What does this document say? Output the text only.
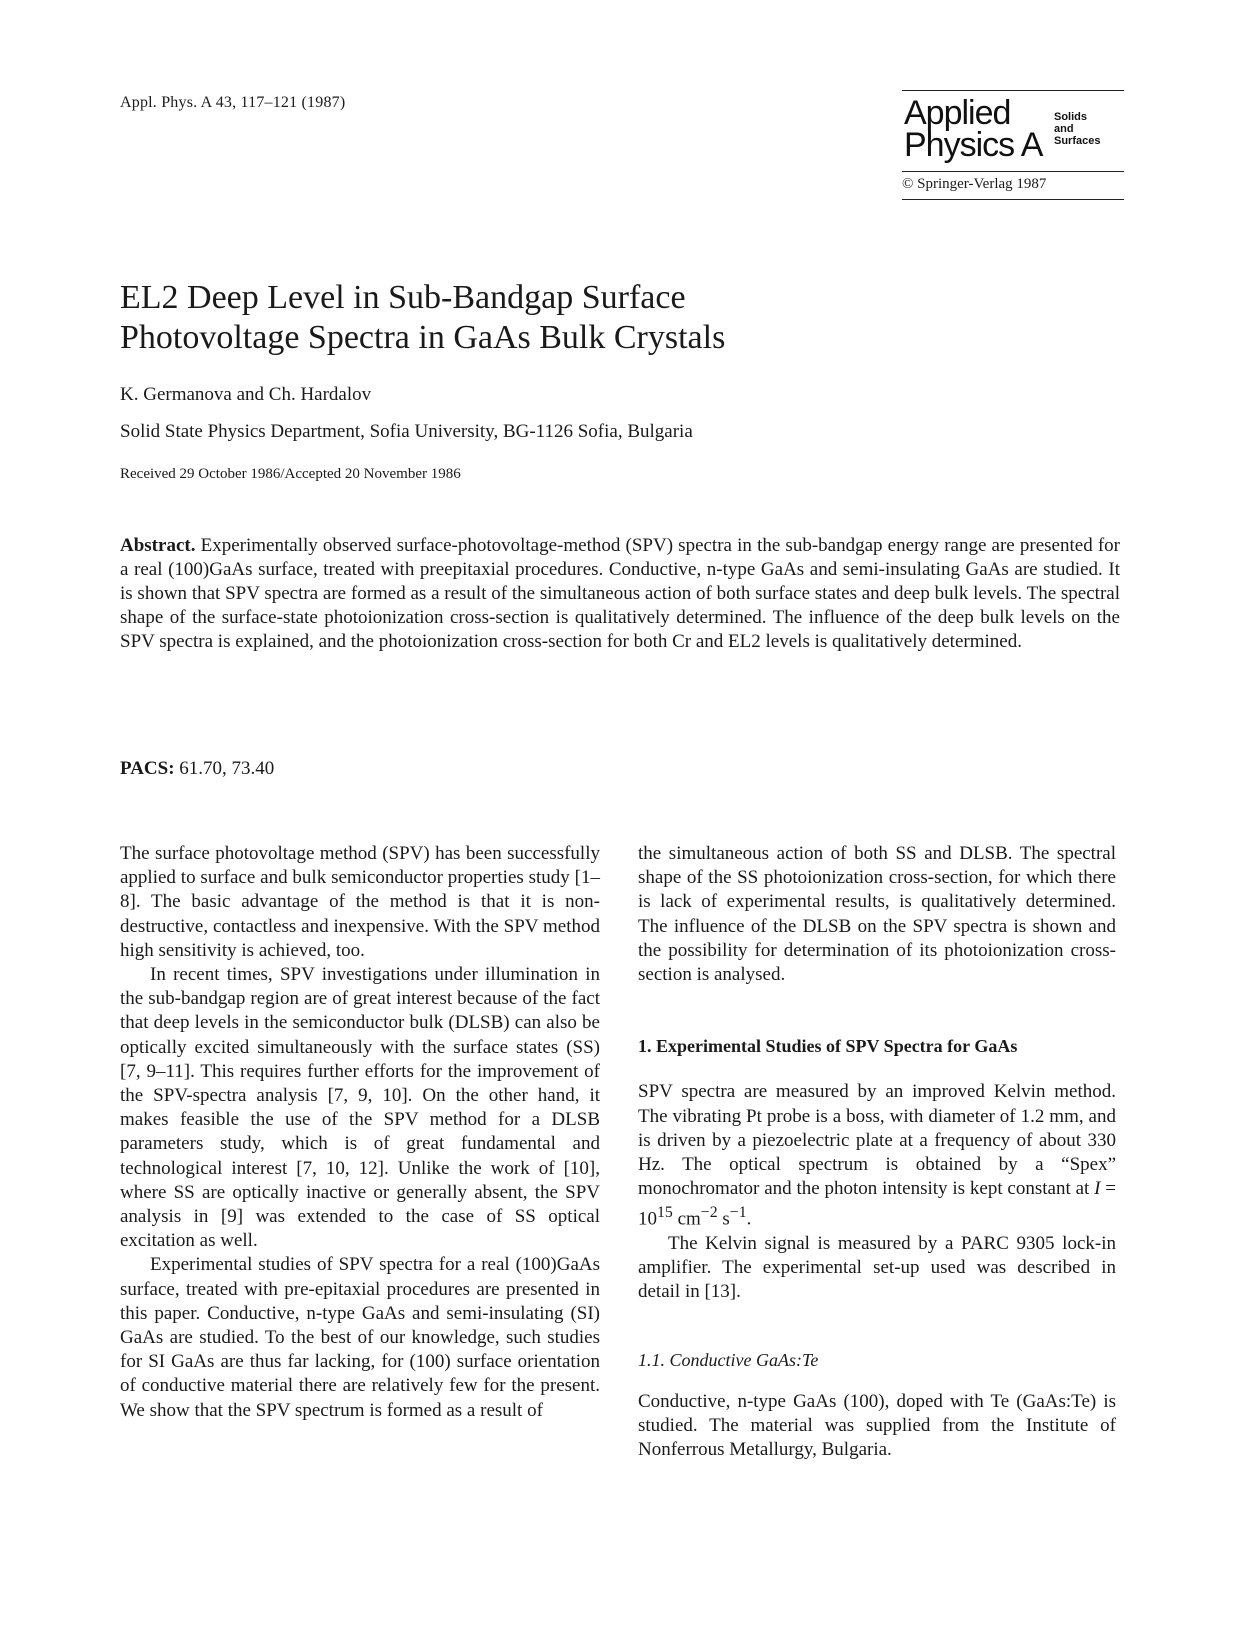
Appl. Phys. A 43, 117–121 (1987)	Applied
Physics A
Solids
and
Surfaces
© Springer-Verlag 1987
EL2 Deep Level in Sub-Bandgap Surface
Photovoltage Spectra in GaAs Bulk Crystals
K. Germanova and Ch. Hardalov
Solid State Physics Department, Sofia University, BG-1126 Sofia, Bulgaria
Received 29 October 1986/Accepted 20 November 1986
Abstract. Experimentally observed surface-photovoltage-method (SPV) spectra in the sub-bandgap energy range are presented for a real (100)GaAs surface, treated with preepitaxial procedures. Conductive, n-type GaAs and semi-insulating GaAs are studied. It is shown that SPV spectra are formed as a result of the simultaneous action of both surface states and deep bulk levels. The spectral shape of the surface-state photoionization cross-section is qualitatively determined. The influence of the deep bulk levels on the SPV spectra is explained, and the photoionization cross-section for both Cr and EL2 levels is qualitatively determined.
PACS: 61.70, 73.40

The surface photovoltage method (SPV) has been successfully applied to surface and bulk semiconductor properties study [1–8]. The basic advantage of the method is that it is non-destructive, contactless and inexpensive. With the SPV method high sensitivity is achieved, too.

In recent times, SPV investigations under illumination in the sub-bandgap region are of great interest because of the fact that deep levels in the semiconductor bulk (DLSB) can also be optically excited simultaneously with the surface states (SS) [7, 9–11]. This requires further efforts for the improvement of the SPV-spectra analysis [7, 9, 10]. On the other hand, it makes feasible the use of the SPV method for a DLSB parameters study, which is of great fundamental and technological interest [7, 10, 12]. Unlike the work of [10], where SS are optically inactive or generally absent, the SPV analysis in [9] was extended to the case of SS optical excitation as well.

Experimental studies of SPV spectra for a real (100)GaAs surface, treated with pre-epitaxial procedures are presented in this paper. Conductive, n-type GaAs and semi-insulating (SI) GaAs are studied. To the best of our knowledge, such studies for SI GaAs are thus far lacking, for (100) surface orientation of conductive material there are relatively few for the present. We show that the SPV spectrum is formed as a result of

the simultaneous action of both SS and DLSB. The spectral shape of the SS photoionization cross-section, for which there is lack of experimental results, is qualitatively determined. The influence of the DLSB on the SPV spectra is shown and the possibility for determination of its photoionization cross-section is analysed.

1. Experimental Studies of SPV Spectra for GaAs

SPV spectra are measured by an improved Kelvin method. The vibrating Pt probe is a boss, with diameter of 1.2 mm, and is driven by a piezoelectric plate at a frequency of about 330 Hz. The optical spectrum is obtained by a “Spex” monochromator and the photon intensity is kept constant at $I = 10^{15}$ $cm^{-2}$ $s^{-1}$.

The Kelvin signal is measured by a PARC 9305 lock-in amplifier. The experimental set-up used was described in detail in [13].

1.1. Conductive GaAs:Te

Conductive, n-type GaAs (100), doped with Te (GaAs:Te) is studied. The material was supplied from the Institute of Nonferrous Metallurgy, Bulgaria.
